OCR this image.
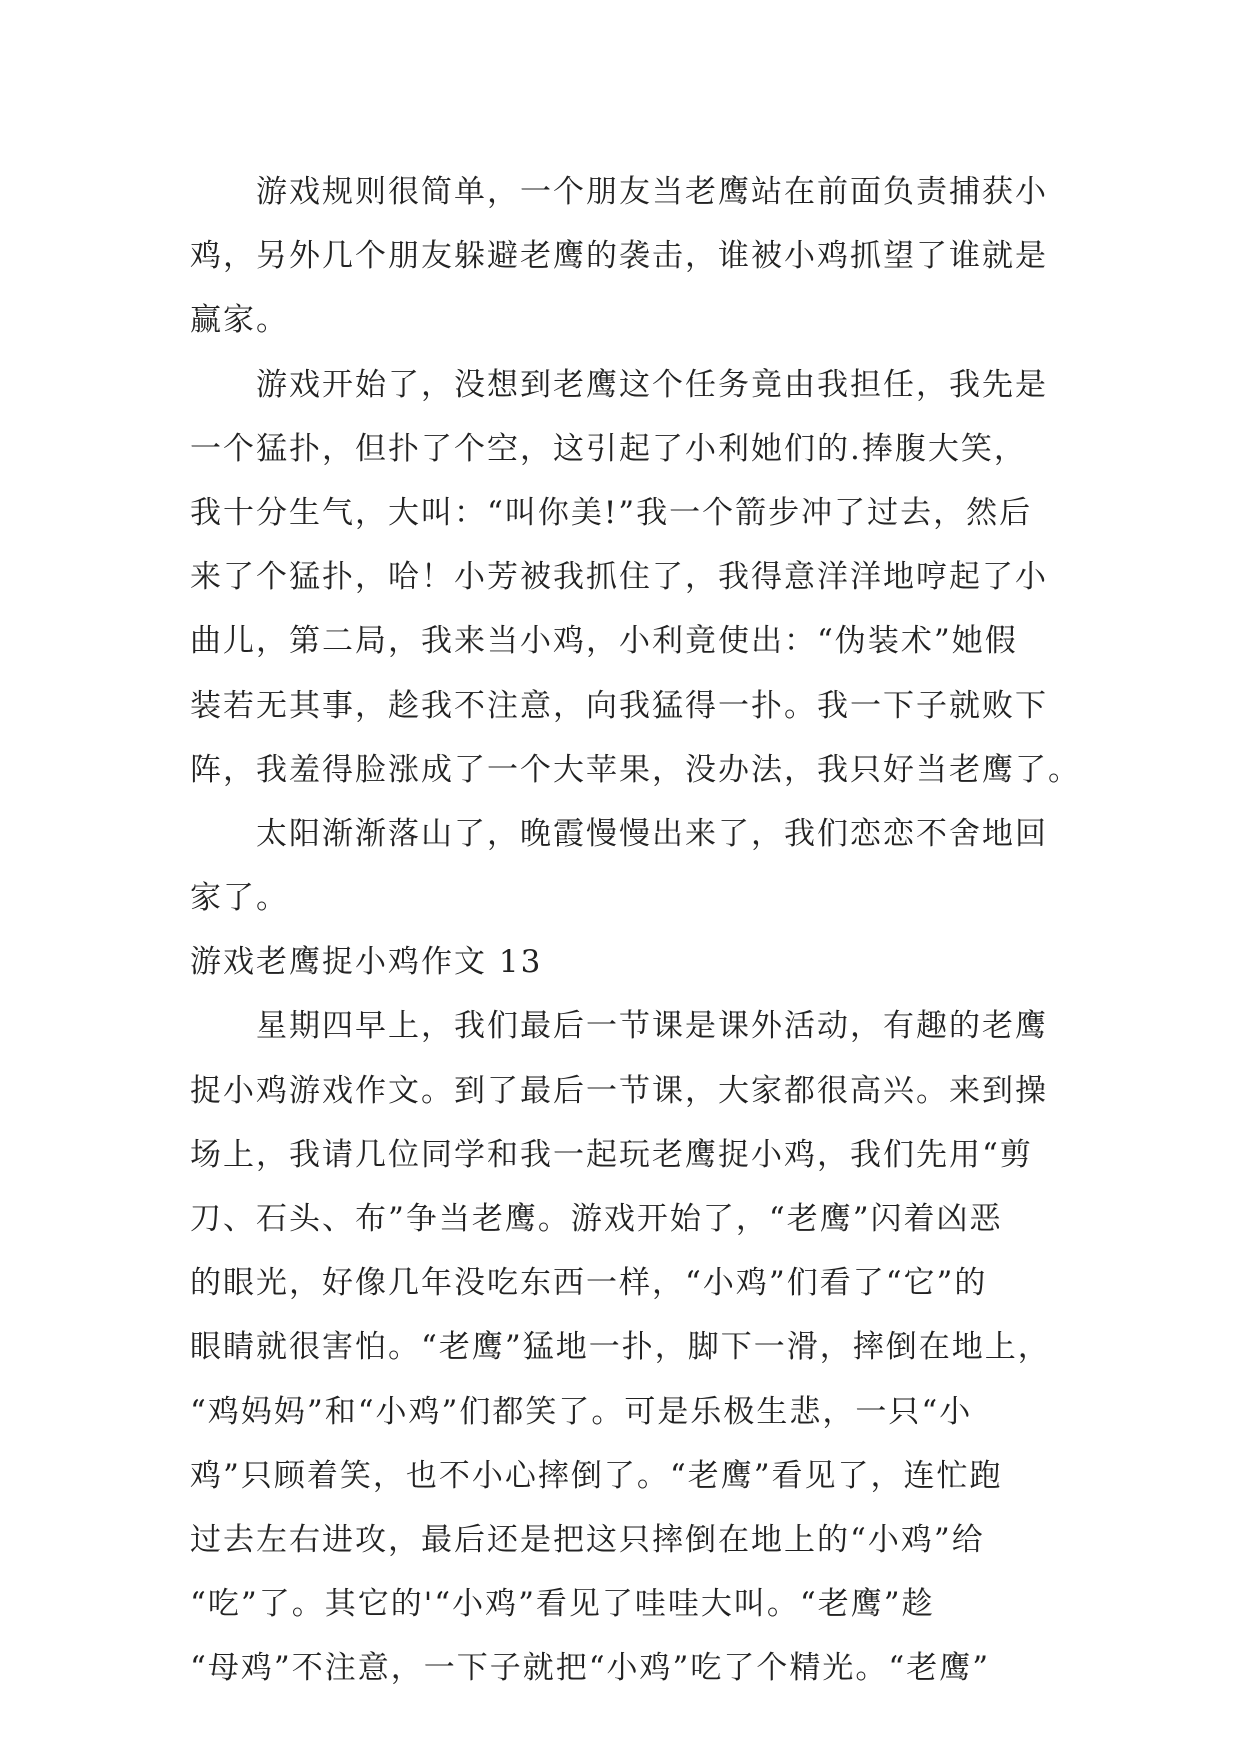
游戏规则很简单，一个朋友当老鹰站在前面负责捕获小
鸡，另外几个朋友躲避老鹰的袭击，谁被小鸡抓望了谁就是
赢家。
游戏开始了，没想到老鹰这个任务竟由我担任，我先是
一个猛扑，但扑了个空，这引起了小利她们的.捧腹大笑，
我十分生气，大叫：“叫你美!”我一个箭步冲了过去，然后
来了个猛扑，哈！小芳被我抓住了，我得意洋洋地哼起了小
曲儿，第二局，我来当小鸡，小利竟使出：“伪装术”她假
装若无其事，趁我不注意，向我猛得一扑。我一下子就败下
阵，我羞得脸涨成了一个大苹果，没办法，我只好当老鹰了。
太阳渐渐落山了，晚霞慢慢出来了，我们恋恋不舍地回
家了。
游戏老鹰捉小鸡作文 13
星期四早上，我们最后一节课是课外活动，有趣的老鹰
捉小鸡游戏作文。到了最后一节课，大家都很高兴。来到操
场上，我请几位同学和我一起玩老鹰捉小鸡，我们先用“剪
刀、石头、布”争当老鹰。游戏开始了，“老鹰”闪着凶恶
的眼光，好像几年没吃东西一样，“小鸡”们看了“它”的
眼睛就很害怕。“老鹰”猛地一扑，脚下一滑，摔倒在地上，
“鸡妈妈”和“小鸡”们都笑了。可是乐极生悲，一只“小
鸡”只顾着笑，也不小心摔倒了。“老鹰”看见了，连忙跑
过去左右进攻，最后还是把这只摔倒在地上的“小鸡”给
“吃”了。其它的'“小鸡”看见了哇哇大叫。“老鹰”趁
“母鸡”不注意，一下子就把“小鸡”吃了个精光。“老鹰”
